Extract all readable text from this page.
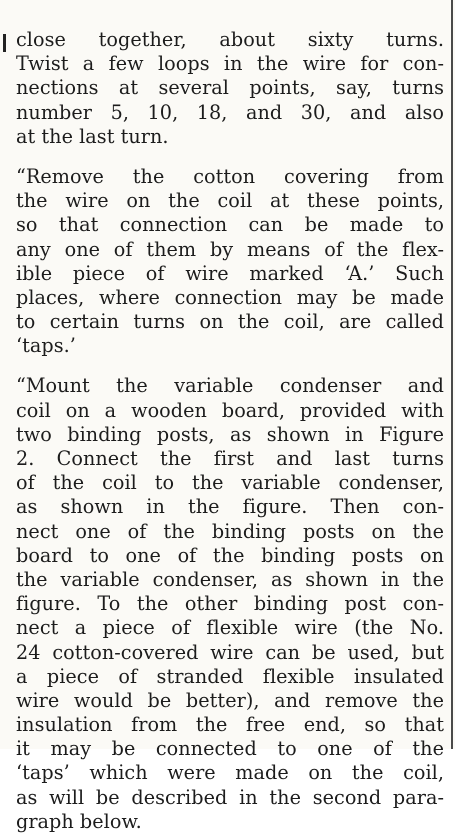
close together, about sixty turns.
Twist a few loops in the wire for con-
nections at several points, say, turns
number 5, 10, 18, and 30, and also
at the last turn.

“Remove the cotton covering from
the wire on the coil at these points,
so that connection can be made to
any one of them by means of the flex-
ible piece of wire marked ‘A.’ Such
places, where connection may be made
to certain turns on the coil, are called
‘taps.’

“Mount the variable condenser and
coil on a wooden board, provided with
two binding posts, as shown in Figure
2. Connect the first and last turns
of the coil to the variable condenser,
as shown in the figure. Then con-
nect one of the binding posts on the
board to one of the binding posts on
the variable condenser, as shown in the
figure. To the other binding post con-
nect a piece of flexible wire (the No.
24 cotton-covered wire can be used, but
a piece of stranded flexible insulated
wire would be better), and remove the
insulation from the free end, so that
it may be connected to one of the
‘taps’ which were made on the coil,
as will be described in the second para-
graph below.
